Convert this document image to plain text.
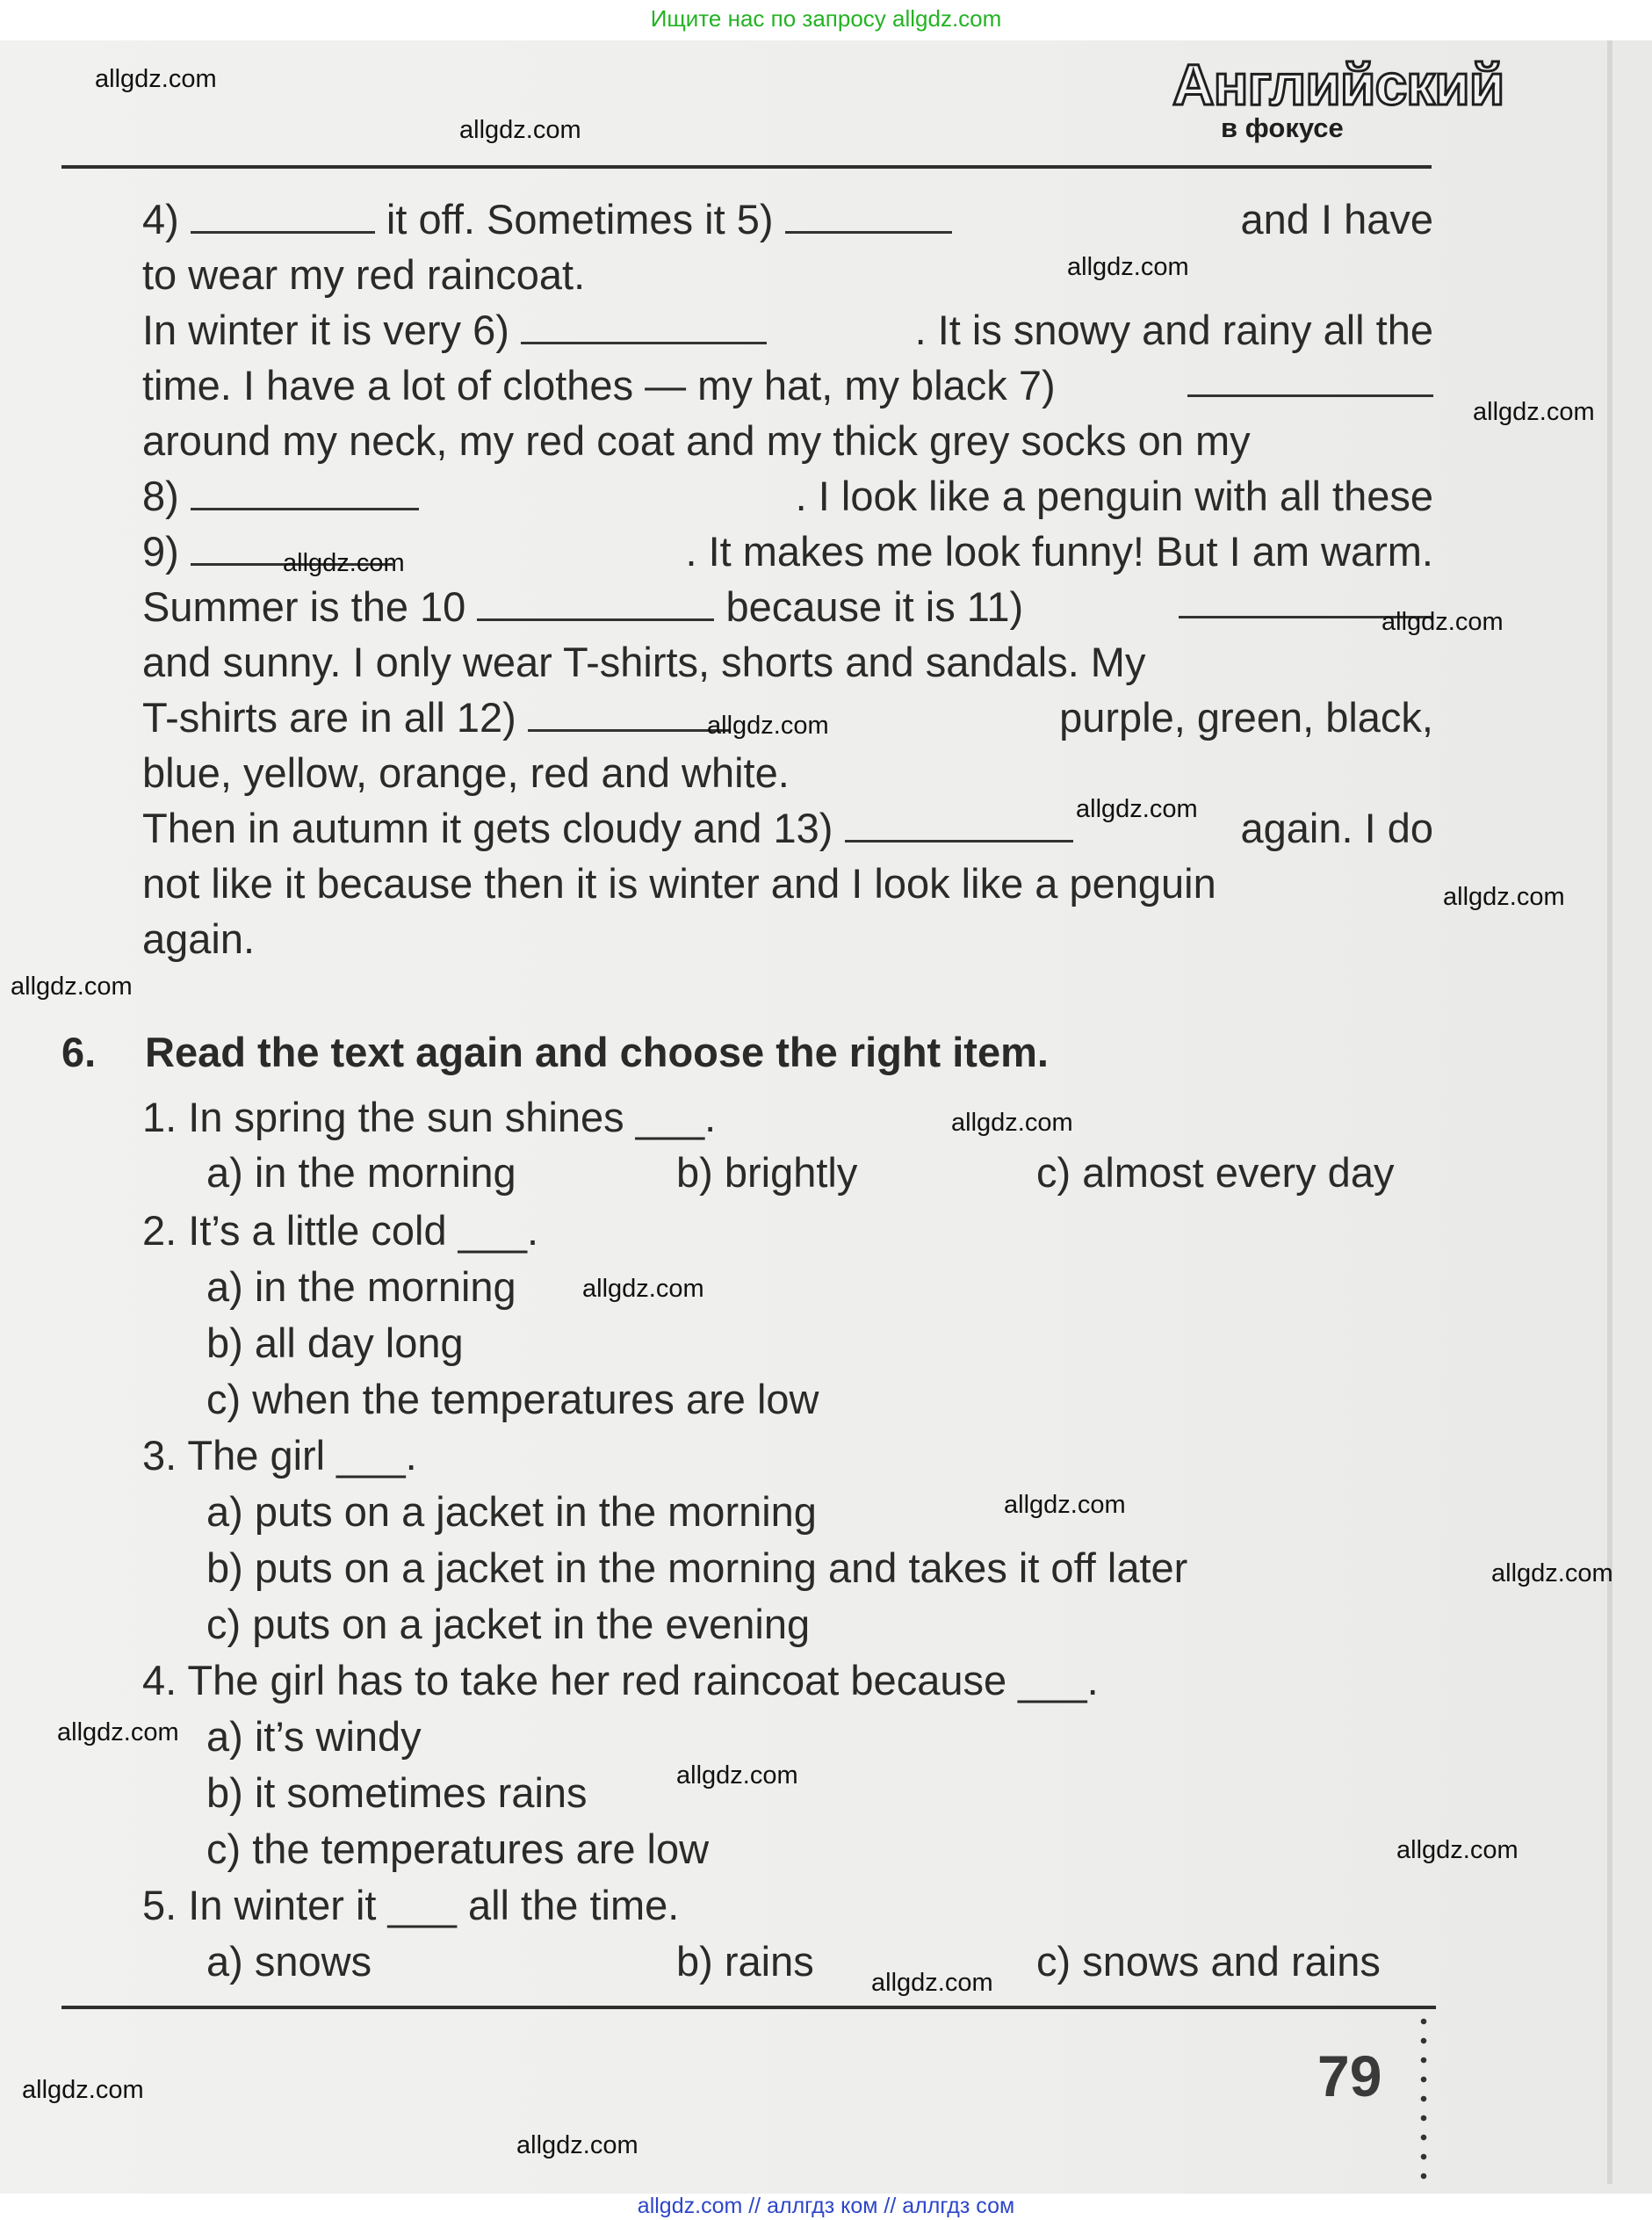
Ищите нас по запросу allgdz.com
Английский
в фокусе
4)	it off. Sometimes it 5)	and I have
to wear my red raincoat.
In winter it is very 6)	. It is snowy and rainy all the
time. I have a lot of clothes — my hat, my black 7)
around my neck, my red coat and my thick grey socks on my
8)	. I look like a penguin with all these
9)	. It makes me look funny! But I am warm.
Summer is the 10	because it is 11)
and sunny. I only wear T-shirts, shorts and sandals. My
T-shirts are in all 12)	purple, green, black,
blue, yellow, orange, red and white.
Then in autumn it gets cloudy and 13)	again. I do
not like it because then it is winter and I look like a penguin
again.
6. Read the text again and choose the right item.
1. In spring the sun shines ___.
a) in the morning	b) brightly	c) almost every day
2. It’s a little cold ___.
a) in the morning
b) all day long
c) when the temperatures are low
3. The girl ___.
a) puts on a jacket in the morning
b) puts on a jacket in the morning and takes it off later
c) puts on a jacket in the evening
4. The girl has to take her red raincoat because ___.
a) it’s windy
b) it sometimes rains
c) the temperatures are low
5. In winter it ___ all the time.
a) snows	b) rains	c) snows and rains
79
allgdz.com
allgdz.com
allgdz.com
allgdz.com
allgdz.com
allgdz.com
allgdz.com
allgdz.com
allgdz.com
allgdz.com
allgdz.com
allgdz.com
allgdz.com
allgdz.com
allgdz.com
allgdz.com
allgdz.com
allgdz.com
allgdz.com
allgdz.com
allgdz.com // аллгдз ком // аллгдз сом
